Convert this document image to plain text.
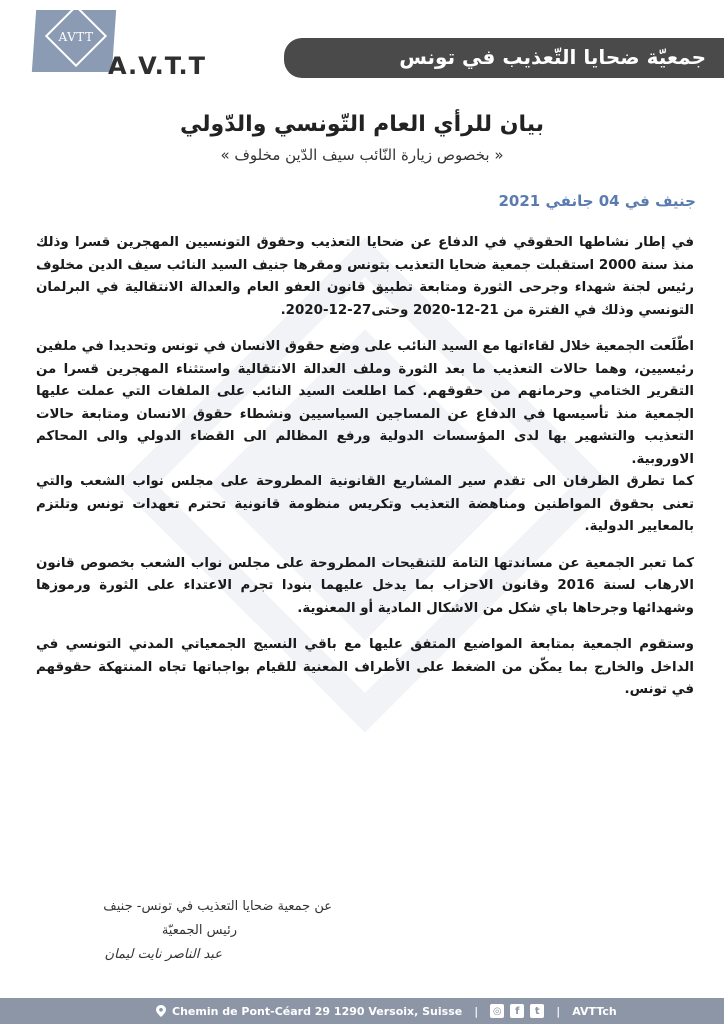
AVTT
A.V.T.T	جمعيّة ضحايا التّعذيب في تونس
بيان للرأي العام التّونسي والدّولي
« بخصوص زيارة النّائب سيف الدّين مخلوف »
جنيف في 04 جانفي 2021

في إطار نشاطها الحقوقي في الدفاع عن ضحايا التعذيب وحقوق التونسيين المهجرين قسرا وذلك منذ سنة 2000 استقبلت جمعية ضحايا التعذيب بتونس ومقرها جنيف السيد النائب سيف الدين مخلوف رئيس لجنة شهداء وجرحى الثورة ومتابعة تطبيق قانون العفو العام والعدالة الانتقالية في البرلمان التونسي وذلك في الفترة من 21-12-2020 وحتى27-12-2020.

اطّلَعت الجمعية خلال لقاءاتها مع السيد النائب على وضع حقوق الانسان في تونس وتحديدا في ملفين رئيسيين، وهما حالات التعذيب ما بعد الثورة وملف العدالة الانتقالية واستثناء المهجرين قسرا من التقرير الختامي وحرمانهم من حقوقهم. كما اطلعت السيد النائب على الملفات التي عملت عليها الجمعية منذ تأسيسها في الدفاع عن المساجين السياسيين ونشطاء حقوق الانسان ومتابعة حالات التعذيب والتشهير بها لدى المؤسسات الدولية ورفع المظالم الى القضاء الدولي والى المحاكم الاوروبية.

كما تطرق الطرفان الى تقدم سير المشاريع القانونية المطروحة على مجلس نواب الشعب والتي تعنى بحقوق المواطنين ومناهضة التعذيب وتكريس منظومة قانونية تحترم تعهدات تونس وتلتزم بالمعايير الدولية.

كما تعبر الجمعية عن مساندتها التامة للتنقيحات المطروحة على مجلس نواب الشعب بخصوص قانون الارهاب لسنة 2016 وقانون الاحزاب بما يدخل عليهما بنودا تجرم الاعتداء على الثورة ورموزها وشهدائها وجرحاها باي شكل من الاشكال المادية أو المعنوية.

وستقوم الجمعية بمتابعة المواضيع المتفق عليها مع باقي النسيج الجمعياتي المدني التونسي في الداخل والخارج بما يمكّن من الضغط على الأطراف المعنية للقيام بواجباتها تجاه المنتهكة حقوقهم في تونس.

عن جمعية ضحايا التعذيب في تونس- جنيف
رئيس الجمعيّة
عبد الناصر نايت ليمان
Chemin de Pont-Céard 29 1290 Versoix, Suisse | ◎	f	t	| AVTTch
